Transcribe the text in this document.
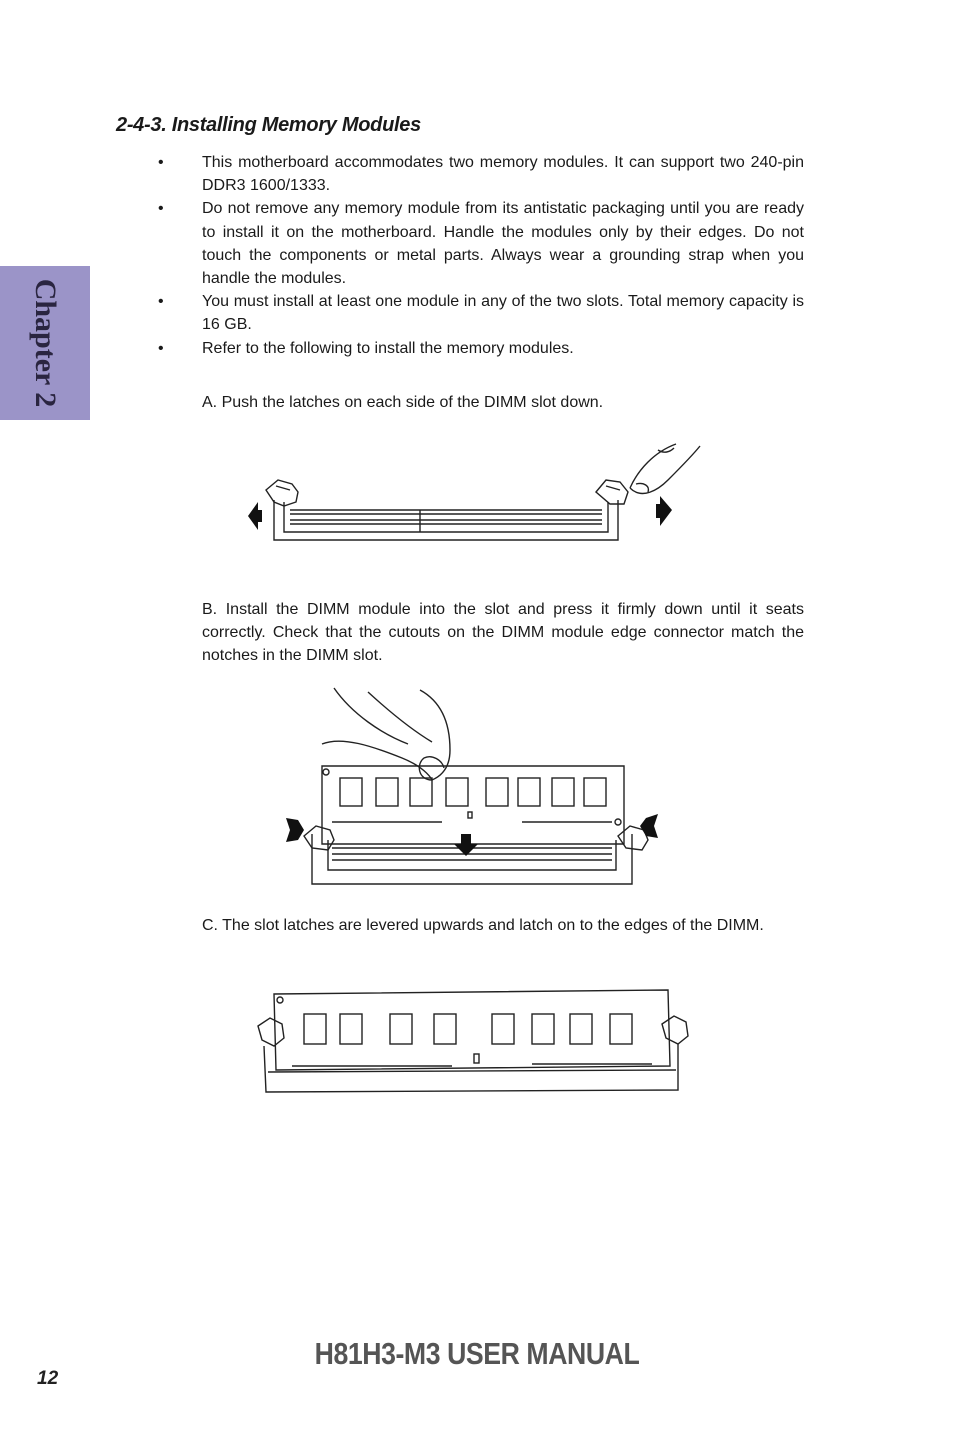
Chapter 2
2-4-3. Installing Memory Modules
• This motherboard accommodates two memory modules. It can support two 240-pin DDR3 1600/1333.
• Do not remove any memory module from its antistatic packaging until you are ready to install it on the motherboard. Handle the modules only by their edges. Do not touch the components or metal parts. Always wear a grounding strap when you handle the modules.
• You must install at least one module in any of the two slots. Total memory capacity is 16 GB.
• Refer to the following to install the memory modules.

A. Push the latches on each side of the DIMM slot down.

B. Install the DIMM module into the slot and press it firmly down until it seats correctly. Check that the cutouts on the DIMM module edge connector match the notches in the DIMM slot.

C. The slot latches are levered upwards and latch on to the edges of the DIMM.

H81H3-M3 USER MANUAL
12
